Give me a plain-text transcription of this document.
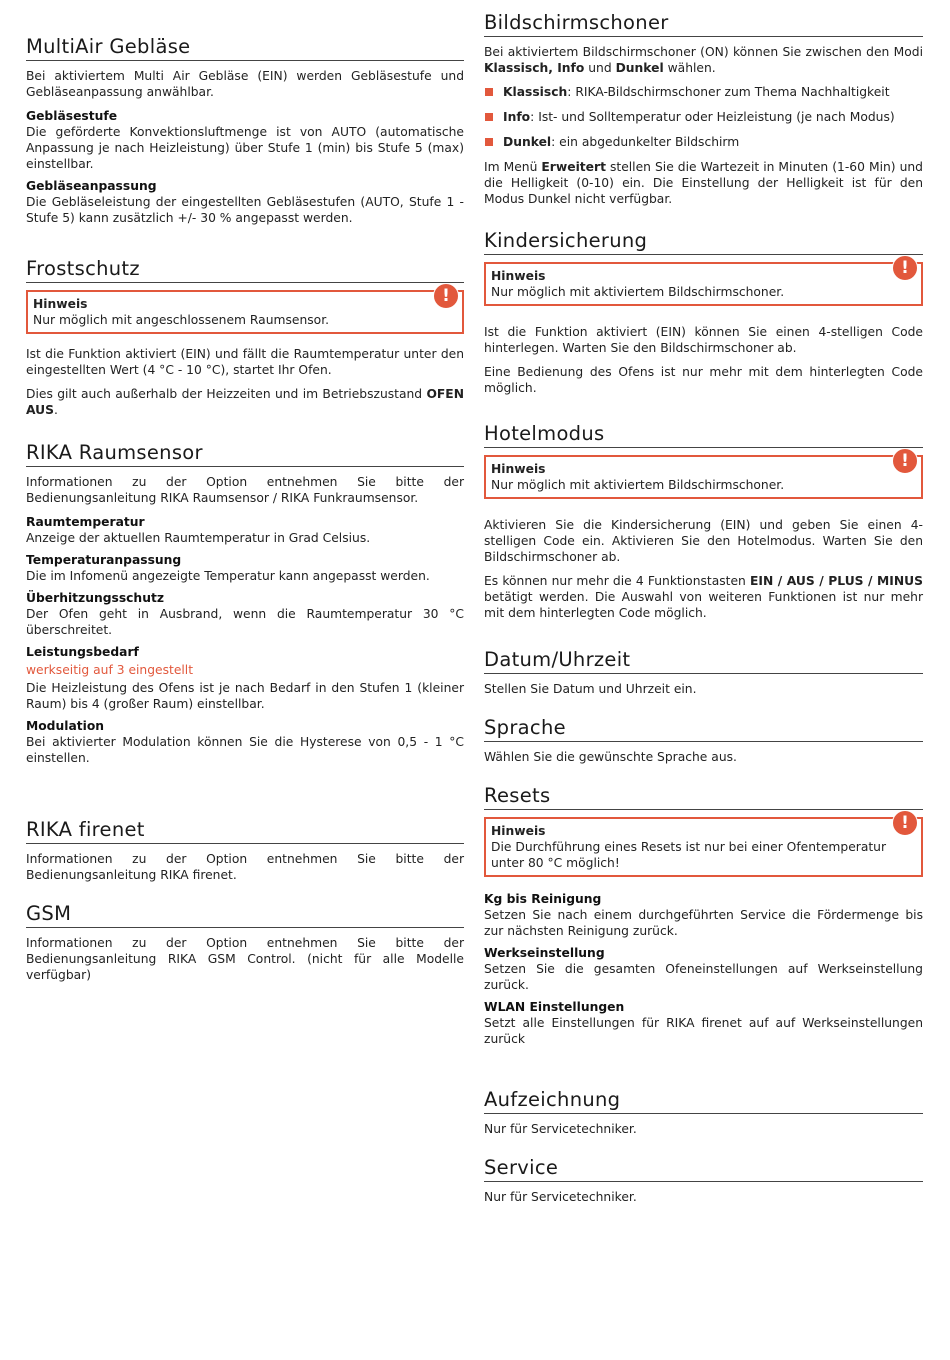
MultiAir Gebläse

Bei aktiviertem Multi Air Gebläse (EIN) werden Gebläsestufe und Gebläseanpassung anwählbar.

Gebläsestufe

Die geförderte Konvektionsluftmenge ist von AUTO (automatische Anpassung je nach Heizleistung) über Stufe 1 (min) bis Stufe 5 (max) einstellbar.

Gebläseanpassung

Die Gebläseleistung der eingestellten Gebläsestufen (AUTO, Stufe 1 - Stufe 5) kann zusätzlich +/- 30 % angepasst werden.

Frostschutz
!
Hinweis
Nur möglich mit angeschlossenem Raumsensor.

Ist die Funktion aktiviert (EIN) und fällt die Raumtemperatur unter den eingestellten Wert (4 °C - 10 °C), startet Ihr Ofen.

Dies gilt auch außerhalb der Heizzeiten und im Betriebszustand OFEN AUS.

RIKA Raumsensor

Informationen zu der Option entnehmen Sie bitte der Bedienungsanleitung RIKA Raumsensor / RIKA Funkraumsensor.

Raumtemperatur

Anzeige der aktuellen Raumtemperatur in Grad Celsius.

Temperaturanpassung

Die im Infomenü angezeigte Temperatur kann angepasst werden.

Überhitzungsschutz

Der Ofen geht in Ausbrand, wenn die Raumtemperatur 30 °C überschreitet.

Leistungsbedarf

werkseitig auf 3 eingestellt

Die Heizleistung des Ofens ist je nach Bedarf in den Stufen 1 (kleiner Raum) bis 4 (großer Raum) einstellbar.

Modulation

Bei aktivierter Modulation können Sie die Hysterese von 0,5 - 1 °C einstellen.

RIKA firenet

Informationen zu der Option entnehmen Sie bitte der Bedienungsanleitung RIKA firenet.

GSM

Informationen zu der Option entnehmen Sie bitte der Bedienungsanleitung RIKA GSM Control. (nicht für alle Modelle verfügbar)

Bildschirmschoner

Bei aktiviertem Bildschirmschoner (ON) können Sie zwischen den Modi Klassisch, Info und Dunkel wählen.

Klassisch: RIKA-Bildschirmschoner zum Thema Nachhaltigkeit
Info: Ist- und Solltemperatur oder Heizleistung (je nach Modus)
Dunkel: ein abgedunkelter Bildschirm

Im Menü Erweitert stellen Sie die Wartezeit in Minuten (1-60 Min) und die Helligkeit (0-10) ein. Die Einstellung der Helligkeit ist für den Modus Dunkel nicht verfügbar.

Kindersicherung
!
Hinweis
Nur möglich mit aktiviertem Bildschirmschoner.

Ist die Funktion aktiviert (EIN) können Sie einen 4-stelligen Code hinterlegen. Warten Sie den Bildschirmschoner ab.

Eine Bedienung des Ofens ist nur mehr mit dem hinterlegten Code möglich.

Hotelmodus
!
Hinweis
Nur möglich mit aktiviertem Bildschirmschoner.

Aktivieren Sie die Kindersicherung (EIN) und geben Sie einen 4-stelligen Code ein. Aktivieren Sie den Hotelmodus. Warten Sie den Bildschirmschoner ab.

Es können nur mehr die 4 Funktionstasten EIN / AUS / PLUS / MINUS betätigt werden. Die Auswahl von weiteren Funktionen ist nur mehr mit dem hinterlegten Code möglich.

Datum/Uhrzeit

Stellen Sie Datum und Uhrzeit ein.

Sprache

Wählen Sie die gewünschte Sprache aus.

Resets
!
Hinweis
Die Durchführung eines Resets ist nur bei einer Ofentemperatur unter 80 °C möglich!
Kg bis Reinigung

Setzen Sie nach einem durchgeführten Service die Fördermenge bis zur nächsten Reinigung zurück.

Werkseinstellung

Setzen Sie die gesamten Ofeneinstellungen auf Werkseinstellung zurück.

WLAN Einstellungen

Setzt alle Einstellungen für RIKA firenet auf auf Werkseinstellungen zurück

Aufzeichnung

Nur für Servicetechniker.

Service

Nur für Servicetechniker.
